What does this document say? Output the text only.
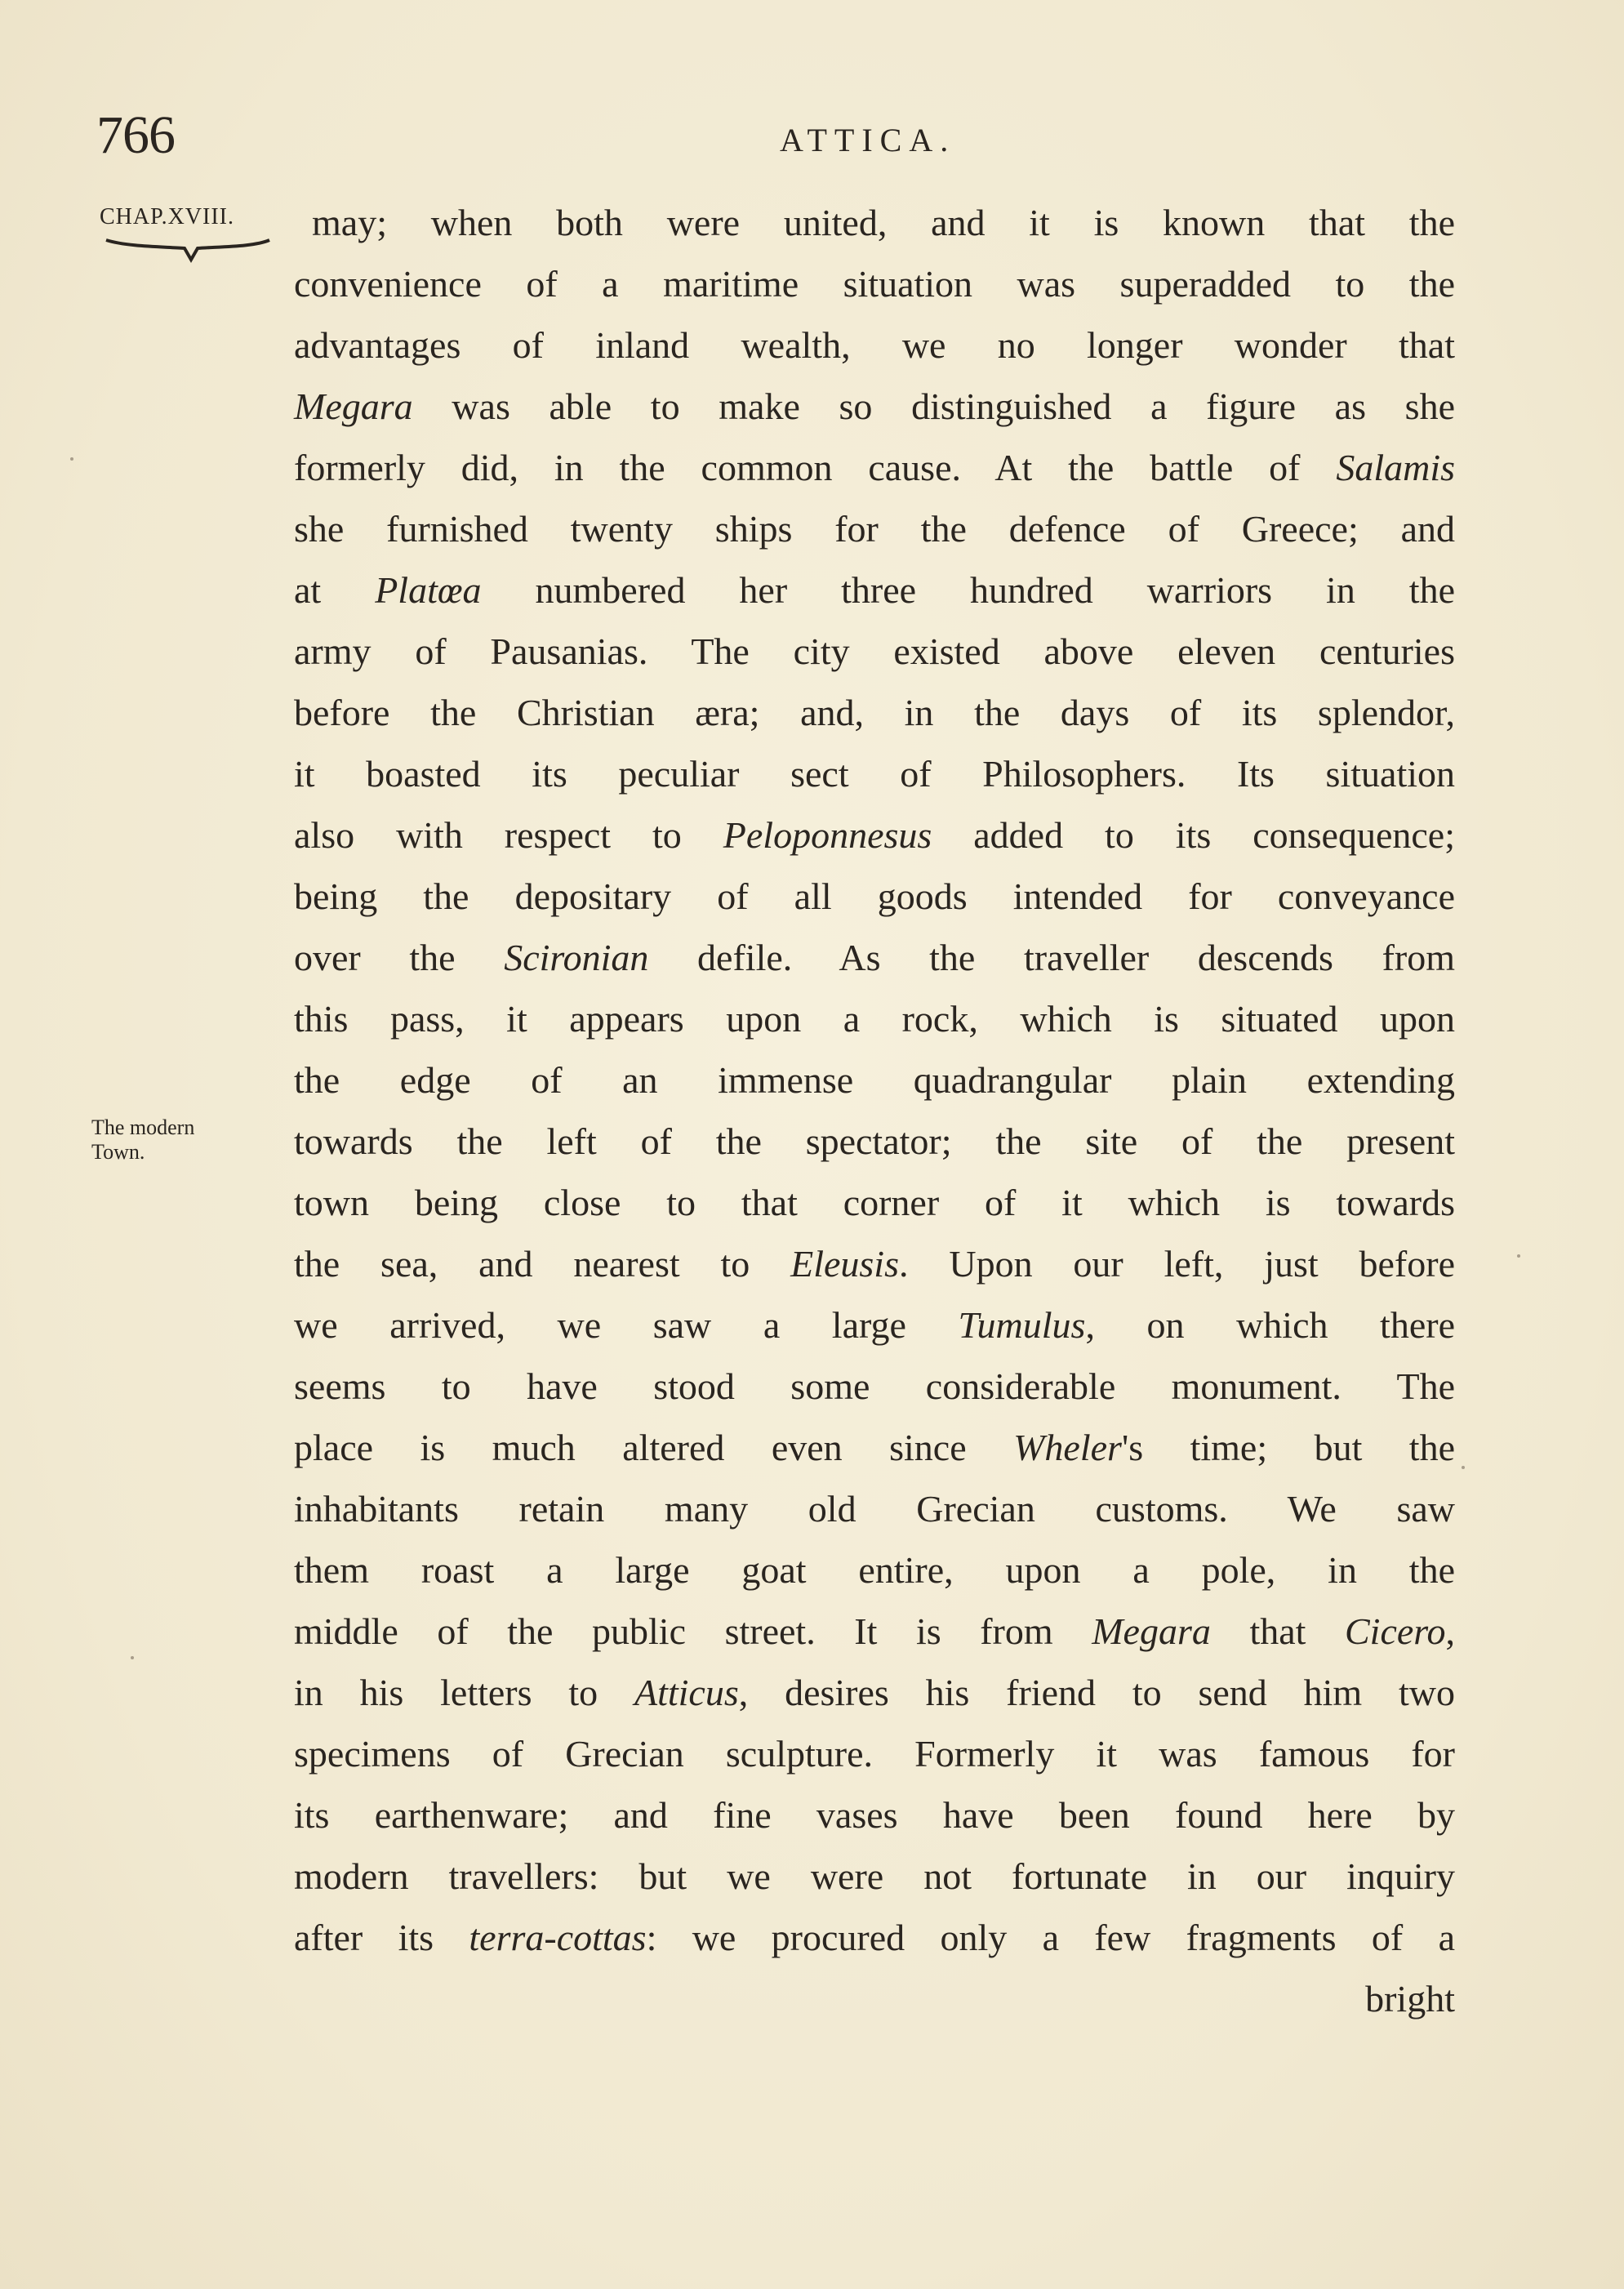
766	ATTICA.
CHAP.XVIII.
The modern
Town.
may; when both were united, and it is known that the
convenience of a maritime situation was superadded to the
advantages of inland wealth, we no longer wonder that
Megara was able to make so distinguished a figure as she
formerly did, in the common cause. At the battle of Salamis
she furnished twenty ships for the defence of Greece; and
at Platœa numbered her three hundred warriors in the
army of Pausanias. The city existed above eleven centuries
before the Christian æra; and, in the days of its splendor,
it boasted its peculiar sect of Philosophers. Its situation
also with respect to Peloponnesus added to its consequence;
being the depositary of all goods intended for conveyance
over the Scironian defile. As the traveller descends from
this pass, it appears upon a rock, which is situated upon
the edge of an immense quadrangular plain extending
towards the left of the spectator; the site of the present
town being close to that corner of it which is towards
the sea, and nearest to Eleusis. Upon our left, just before
we arrived, we saw a large Tumulus, on which there
seems to have stood some considerable monument. The
place is much altered even since Wheler's time; but the
inhabitants retain many old Grecian customs. We saw
them roast a large goat entire, upon a pole, in the
middle of the public street. It is from Megara that Cicero,
in his letters to Atticus, desires his friend to send him two
specimens of Grecian sculpture. Formerly it was famous for
its earthenware; and fine vases have been found here by
modern travellers: but we were not fortunate in our inquiry
after its terra-cottas: we procured only a few fragments of a
bright
